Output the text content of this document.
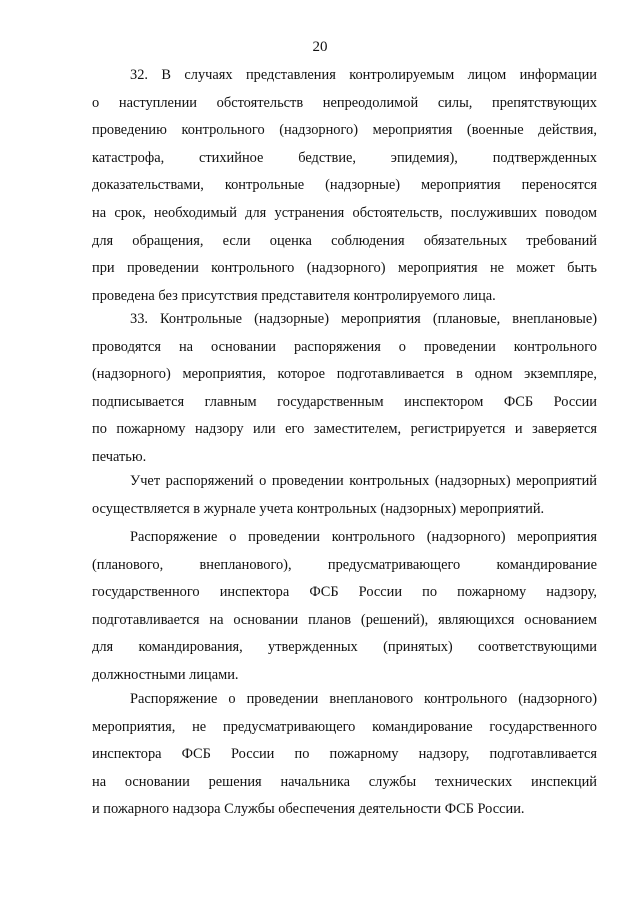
20
32. В случаях представления контролируемым лицом информации
о наступлении обстоятельств непреодолимой силы, препятствующих
проведению контрольного (надзорного) мероприятия (военные действия,
катастрофа, стихийное бедствие, эпидемия), подтвержденных
доказательствами, контрольные (надзорные) мероприятия переносятся
на срок, необходимый для устранения обстоятельств, послуживших поводом
для обращения, если оценка соблюдения обязательных требований
при проведении контрольного (надзорного) мероприятия не может быть
проведена без присутствия представителя контролируемого лица.
33. Контрольные (надзорные) мероприятия (плановые, внеплановые)
проводятся на основании распоряжения о проведении контрольного
(надзорного) мероприятия, которое подготавливается в одном экземпляре,
подписывается главным государственным инспектором ФСБ России
по пожарному надзору или его заместителем, регистрируется и заверяется
печатью.
Учет распоряжений о проведении контрольных (надзорных) мероприятий
осуществляется в журнале учета контрольных (надзорных) мероприятий.
Распоряжение о проведении контрольного (надзорного) мероприятия
(планового, внепланового), предусматривающего командирование
государственного инспектора ФСБ России по пожарному надзору,
подготавливается на основании планов (решений), являющихся основанием
для командирования, утвержденных (принятых) соответствующими
должностными лицами.
Распоряжение о проведении внепланового контрольного (надзорного)
мероприятия, не предусматривающего командирование государственного
инспектора ФСБ России по пожарному надзору, подготавливается
на основании решения начальника службы технических инспекций
и пожарного надзора Службы обеспечения деятельности ФСБ России.
